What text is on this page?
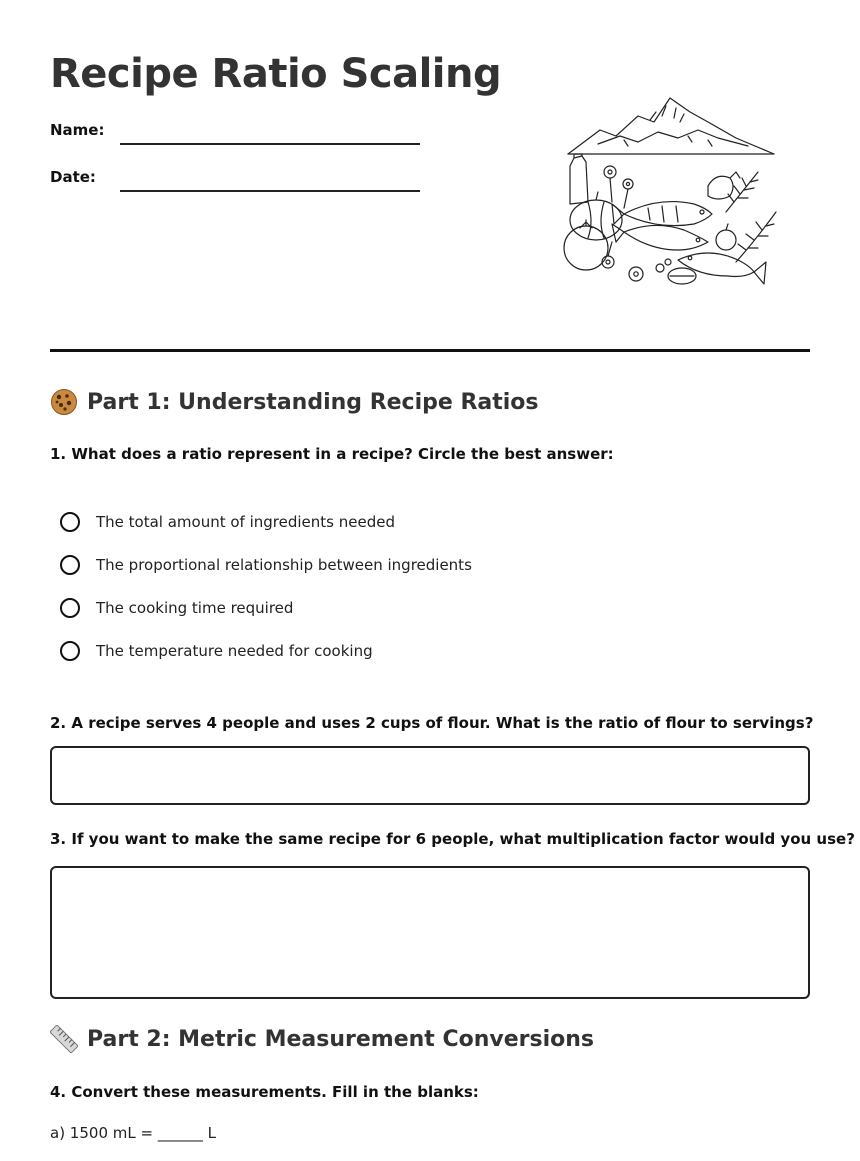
Recipe Ratio Scaling
Name:
Date:
Part 1: Understanding Recipe Ratios
1. What does a ratio represent in a recipe? Circle the best answer:
The total amount of ingredients needed
The proportional relationship between ingredients
The cooking time required
The temperature needed for cooking
2. A recipe serves 4 people and uses 2 cups of flour. What is the ratio of flour to servings?
3. If you want to make the same recipe for 6 people, what multiplication factor would you use?
Part 2: Metric Measurement Conversions
4. Convert these measurements. Fill in the blanks:
a) 1500 mL = ______ L
